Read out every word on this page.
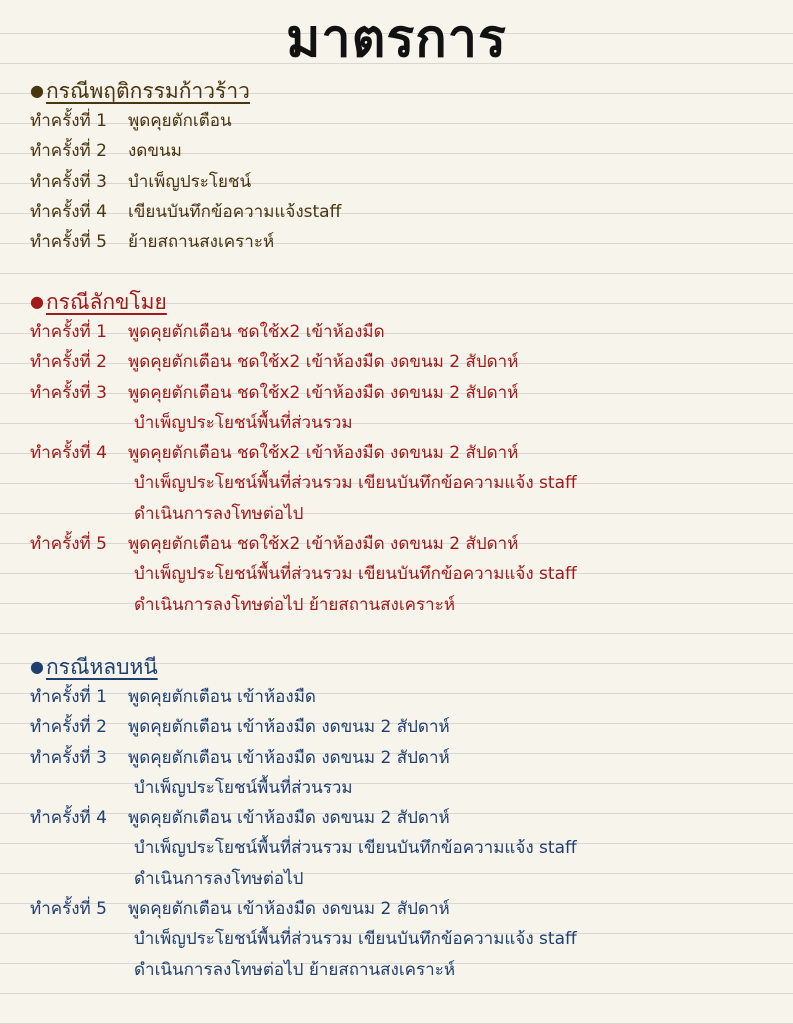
มาตรการ
● กรณีพฤติกรรมก้าวร้าว
ทำครั้งที่ 1	พูดคุยตักเตือน
ทำครั้งที่ 2	งดขนม
ทำครั้งที่ 3	บำเพ็ญประโยชน์
ทำครั้งที่ 4	เขียนบันทึกข้อความแจ้งstaff
ทำครั้งที่ 5	ย้ายสถานสงเคราะห์
● กรณีลักขโมย
ทำครั้งที่ 1	พูดคุยตักเตือน ชดใช้x2 เข้าห้องมืด
ทำครั้งที่ 2	พูดคุยตักเตือน ชดใช้x2 เข้าห้องมืด งดขนม 2 สัปดาห์
ทำครั้งที่ 3	พูดคุยตักเตือน ชดใช้x2 เข้าห้องมืด งดขนม 2 สัปดาห์
บำเพ็ญประโยชน์พื้นที่ส่วนรวม
ทำครั้งที่ 4	พูดคุยตักเตือน ชดใช้x2 เข้าห้องมืด งดขนม 2 สัปดาห์
บำเพ็ญประโยชน์พื้นที่ส่วนรวม เขียนบันทึกข้อความแจ้ง staff
ดำเนินการลงโทษต่อไป
ทำครั้งที่ 5	พูดคุยตักเตือน ชดใช้x2 เข้าห้องมืด งดขนม 2 สัปดาห์
บำเพ็ญประโยชน์พื้นที่ส่วนรวม เขียนบันทึกข้อความแจ้ง staff
ดำเนินการลงโทษต่อไป ย้ายสถานสงเคราะห์
● กรณีหลบหนี
ทำครั้งที่ 1	พูดคุยตักเตือน เข้าห้องมืด
ทำครั้งที่ 2	พูดคุยตักเตือน เข้าห้องมืด งดขนม 2 สัปดาห์
ทำครั้งที่ 3	พูดคุยตักเตือน เข้าห้องมืด งดขนม 2 สัปดาห์
บำเพ็ญประโยชน์พื้นที่ส่วนรวม
ทำครั้งที่ 4	พูดคุยตักเตือน เข้าห้องมืด งดขนม 2 สัปดาห์
บำเพ็ญประโยชน์พื้นที่ส่วนรวม เขียนบันทึกข้อความแจ้ง staff
ดำเนินการลงโทษต่อไป
ทำครั้งที่ 5	พูดคุยตักเตือน เข้าห้องมืด งดขนม 2 สัปดาห์
บำเพ็ญประโยชน์พื้นที่ส่วนรวม เขียนบันทึกข้อความแจ้ง staff
ดำเนินการลงโทษต่อไป ย้ายสถานสงเคราะห์
